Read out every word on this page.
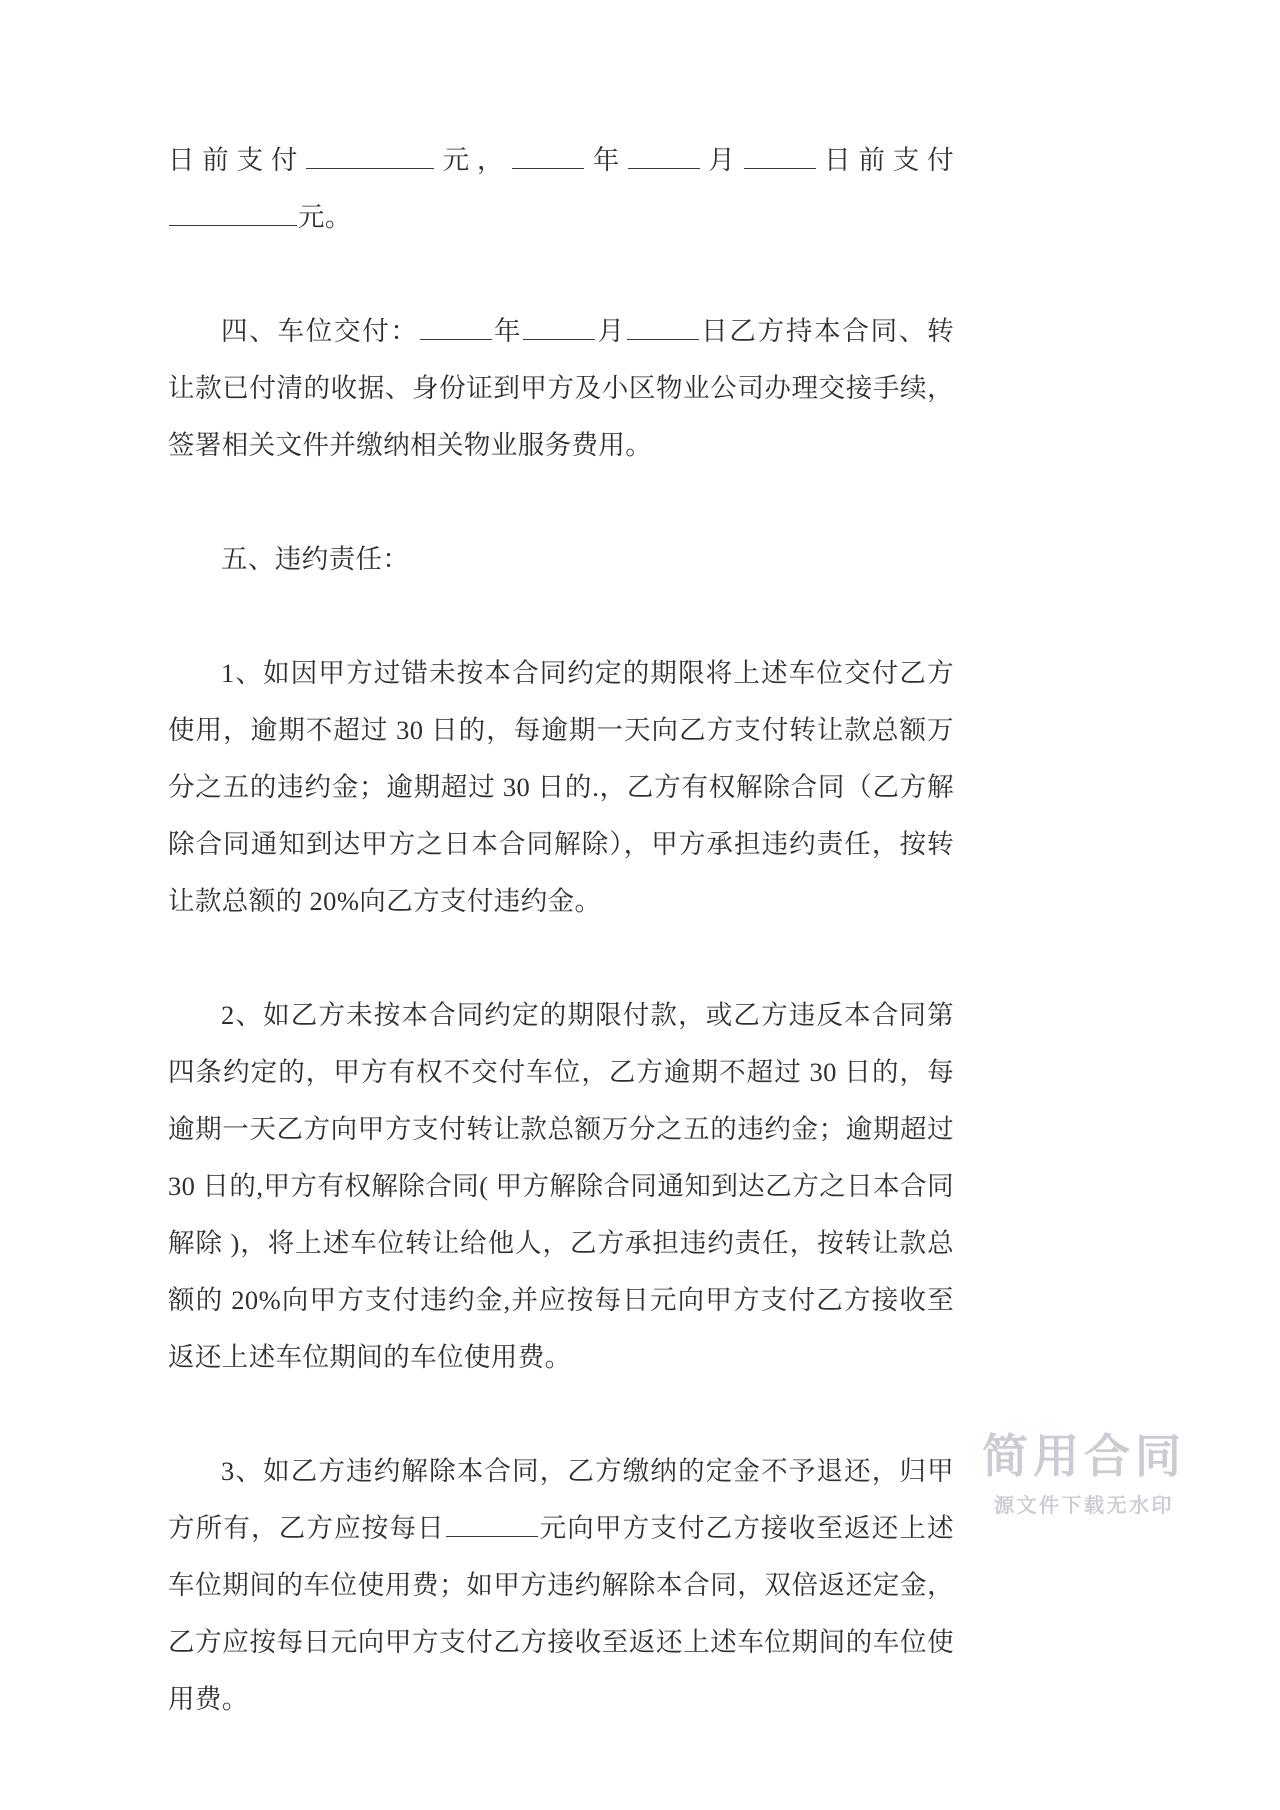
日前支付	元，	年	月	日前支付元。

四、车位交付：	年	月	日乙方持本合同、转让款已付清的收据、身份证到甲方及小区物业公司办理交接手续，签署相关文件并缴纳相关物业服务费用。

五、违约责任：

1、如因甲方过错未按本合同约定的期限将上述车位交付乙方使用，逾期不超过 30 日的，每逾期一天向乙方支付转让款总额万分之五的违约金；逾期超过 30 日的.，乙方有权解除合同（乙方解除合同通知到达甲方之日本合同解除），甲方承担违约责任，按转让款总额的 20%向乙方支付违约金。

2、如乙方未按本合同约定的期限付款，或乙方违反本合同第四条约定的，甲方有权不交付车位，乙方逾期不超过 30 日的，每逾期一天乙方向甲方支付转让款总额万分之五的违约金；逾期超过 30 日的,甲方有权解除合同( 甲方解除合同通知到达乙方之日本合同解除 )，将上述车位转让给他人，乙方承担违约责任，按转让款总额的 20%向甲方支付违约金,并应按每日元向甲方支付乙方接收至返还上述车位期间的车位使用费。

3、如乙方违约解除本合同，乙方缴纳的定金不予退还，归甲方所有，乙方应按每日	元向甲方支付乙方接收至返还上述车位期间的车位使用费；如甲方违约解除本合同，双倍返还定金，乙方应按每日元向甲方支付乙方接收至返还上述车位期间的车位使用费。

简用合同
源文件下载无水印
